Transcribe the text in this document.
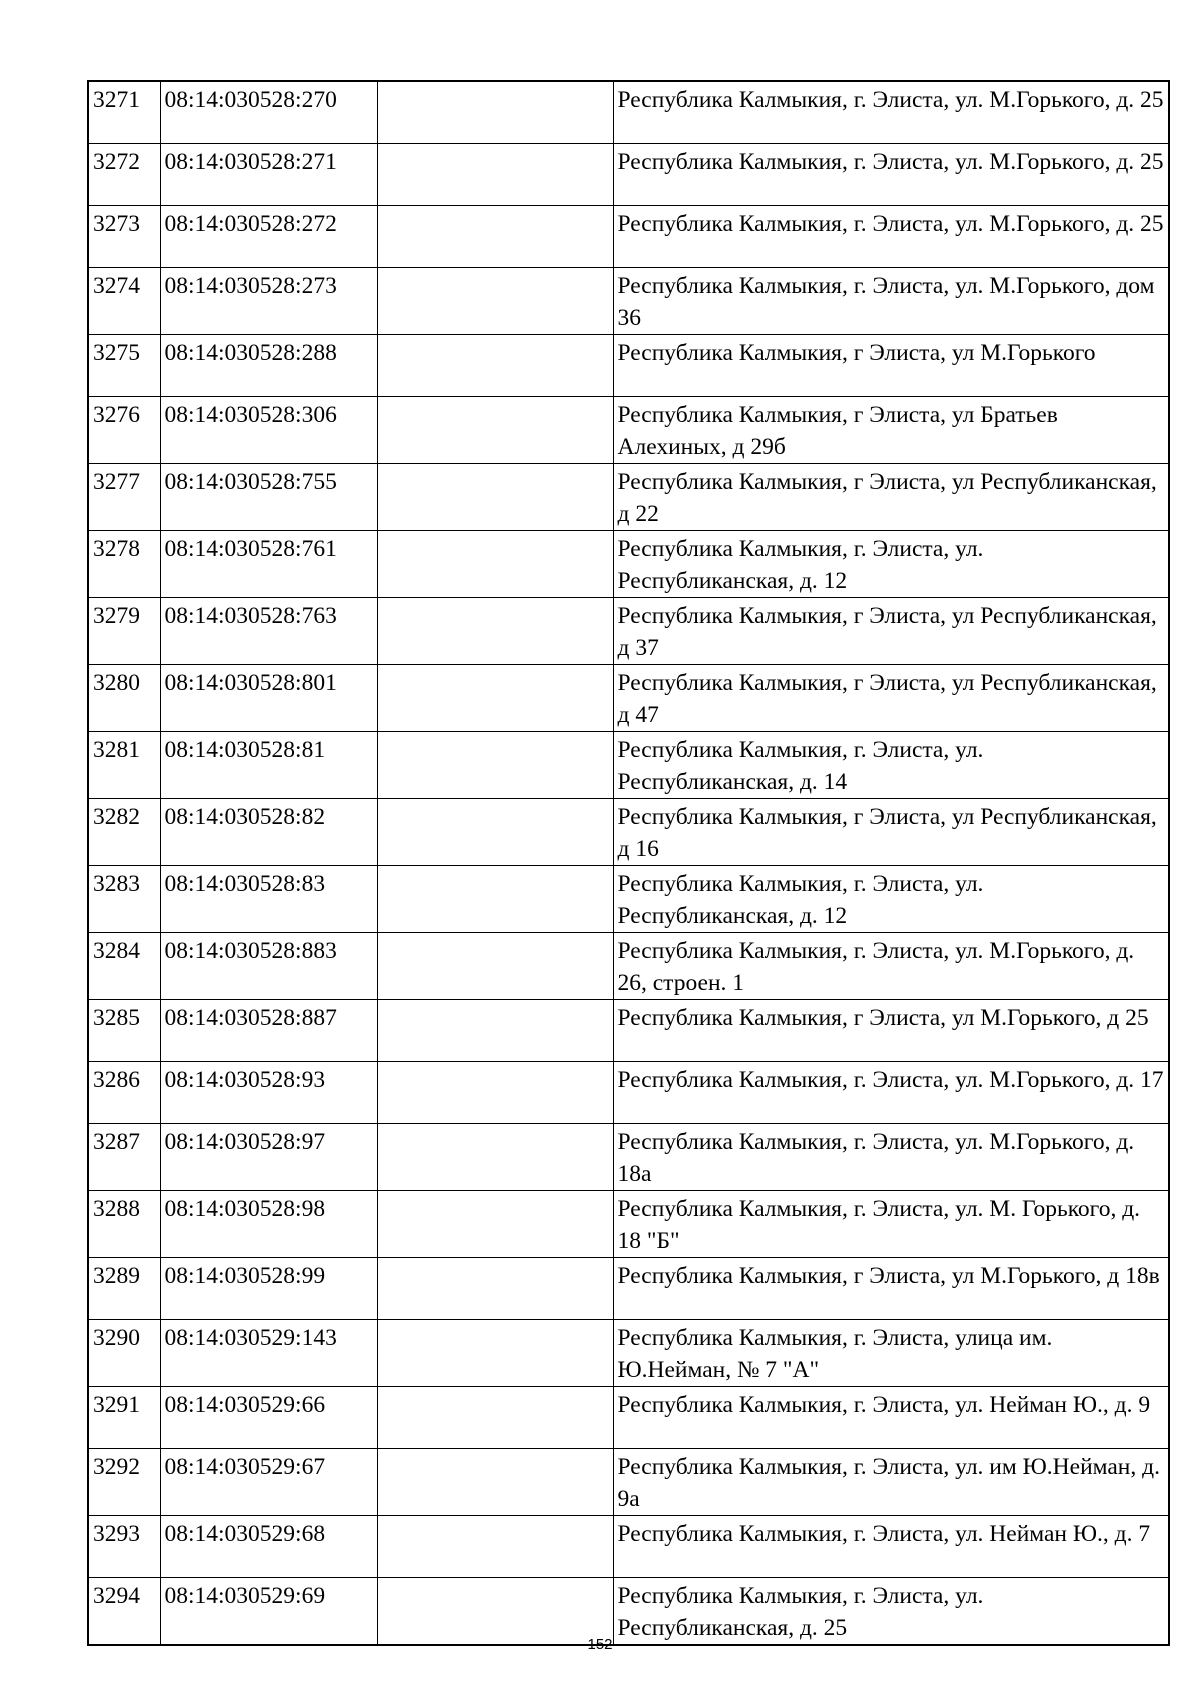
3271	08:14:030528:270		Республика Калмыкия, г. Элиста, ул. М.Горького, д. 25
3272	08:14:030528:271		Республика Калмыкия, г. Элиста, ул. М.Горького, д. 25
3273	08:14:030528:272		Республика Калмыкия, г. Элиста, ул. М.Горького, д. 25
3274	08:14:030528:273		Республика Калмыкия, г. Элиста, ул. М.Горького, дом 36
3275	08:14:030528:288		Республика Калмыкия, г Элиста, ул М.Горького
3276	08:14:030528:306		Республика Калмыкия, г Элиста, ул Братьев Алехиных, д 29б
3277	08:14:030528:755		Республика Калмыкия, г Элиста, ул Республиканская, д 22
3278	08:14:030528:761		Республика Калмыкия, г. Элиста, ул. Республиканская, д. 12
3279	08:14:030528:763		Республика Калмыкия, г Элиста, ул Республиканская, д 37
3280	08:14:030528:801		Республика Калмыкия, г Элиста, ул Республиканская, д 47
3281	08:14:030528:81		Республика Калмыкия, г. Элиста, ул. Республиканская, д. 14
3282	08:14:030528:82		Республика Калмыкия, г Элиста, ул Республиканская, д 16
3283	08:14:030528:83		Республика Калмыкия, г. Элиста, ул. Республиканская, д. 12
3284	08:14:030528:883		Республика Калмыкия, г. Элиста, ул. М.Горького, д. 26, строен. 1
3285	08:14:030528:887		Республика Калмыкия, г Элиста, ул М.Горького, д 25
3286	08:14:030528:93		Республика Калмыкия, г. Элиста, ул. М.Горького, д. 17
3287	08:14:030528:97		Республика Калмыкия, г. Элиста, ул. М.Горького, д. 18а
3288	08:14:030528:98		Республика Калмыкия, г. Элиста, ул. М. Горького, д. 18 "Б"
3289	08:14:030528:99		Республика Калмыкия, г Элиста, ул М.Горького, д 18в
3290	08:14:030529:143		Республика Калмыкия, г. Элиста, улица им. Ю.Нейман, № 7 "А"
3291	08:14:030529:66		Республика Калмыкия, г. Элиста, ул. Нейман Ю., д. 9
3292	08:14:030529:67		Республика Калмыкия, г. Элиста, ул. им Ю.Нейман, д. 9а
3293	08:14:030529:68		Республика Калмыкия, г. Элиста, ул. Нейман Ю., д. 7
3294	08:14:030529:69		Республика Калмыкия, г. Элиста, ул. Республиканская, д. 25
152
